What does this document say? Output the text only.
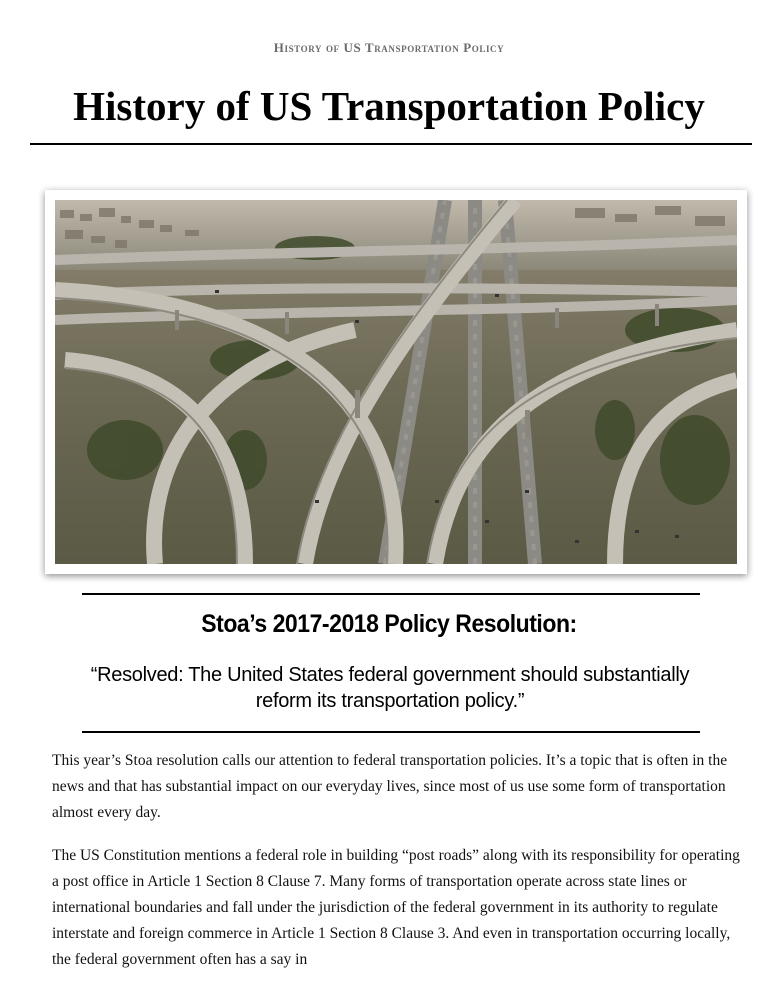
History of US Transportation Policy
History of US Transportation Policy
Stoa’s 2017-2018 Policy Resolution:

“Resolved: The United States federal government should substantially reform its transportation policy.”

This year’s Stoa resolution calls our attention to federal transportation policies. It’s a topic that is often in the news and that has substantial impact on our everyday lives, since most of us use some form of transportation almost every day.

The US Constitution mentions a federal role in building “post roads” along with its responsibility for operating a post office in Article 1 Section 8 Clause 7. Many forms of transportation operate across state lines or international boundaries and fall under the jurisdiction of the federal government in its authority to regulate interstate and foreign commerce in Article 1 Section 8 Clause 3. And even in transportation occurring locally, the federal government often has a say in
